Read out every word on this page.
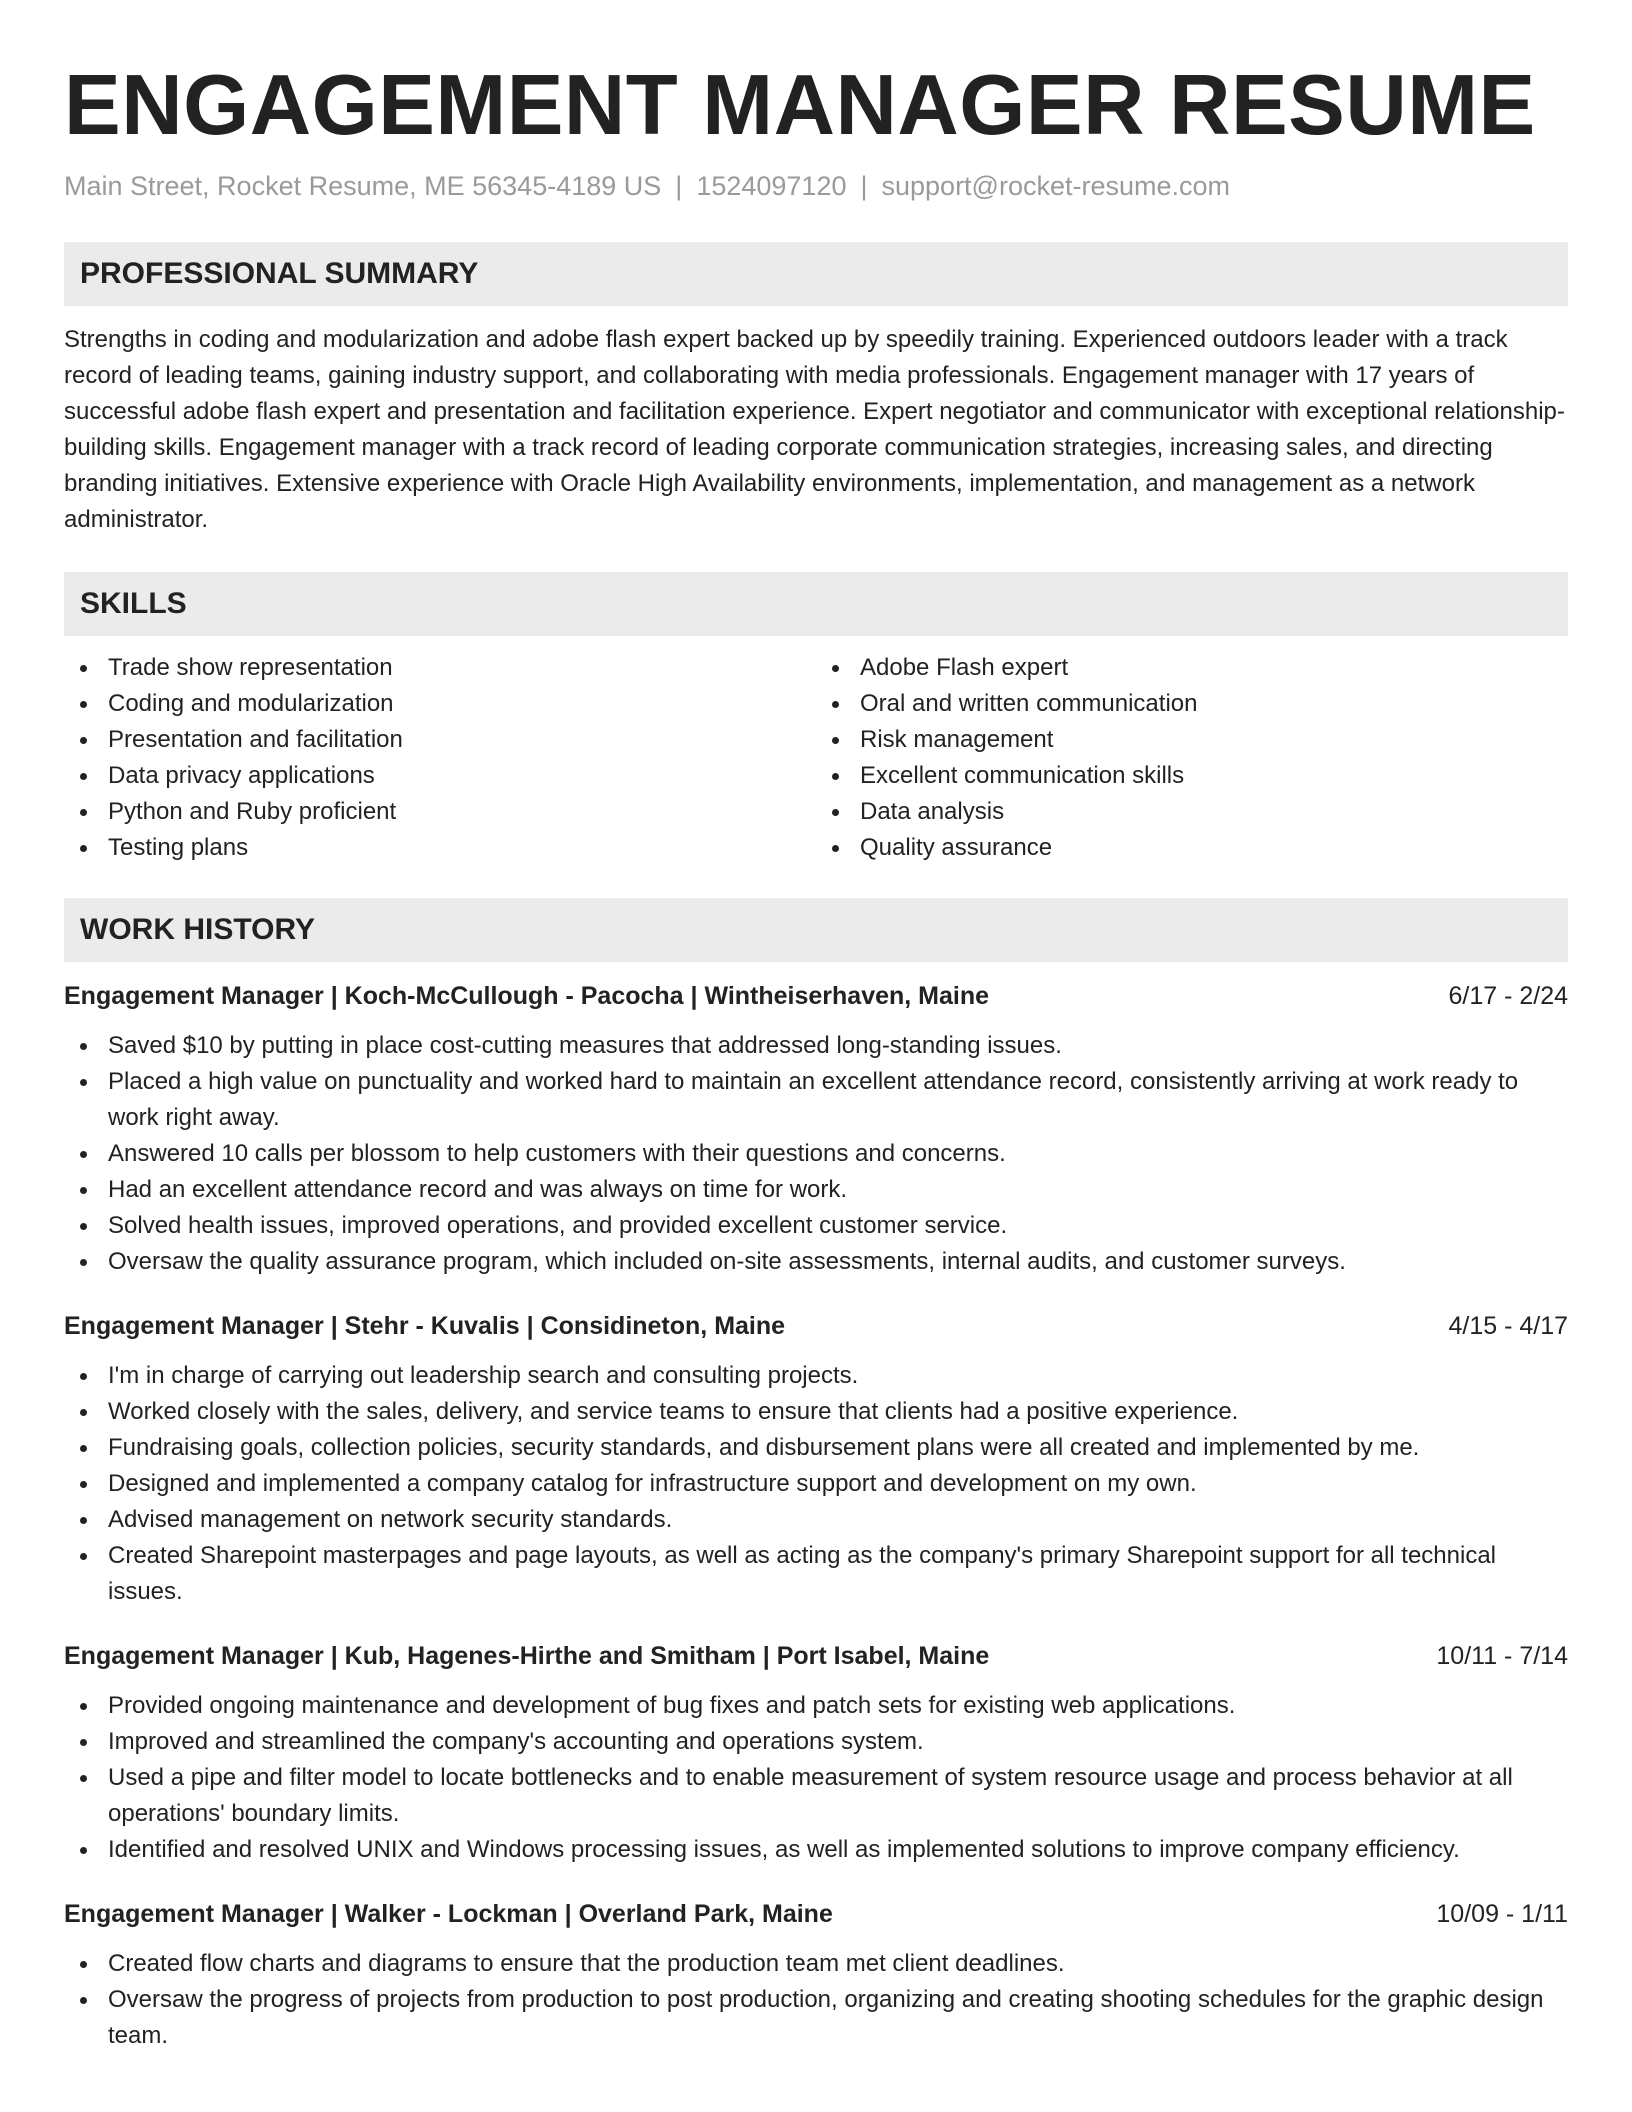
ENGAGEMENT MANAGER RESUME
Main Street, Rocket Resume, ME 56345-4189 US | 1524097120 | support@rocket-resume.com
PROFESSIONAL SUMMARY
Strengths in coding and modularization and adobe flash expert backed up by speedily training. Experienced outdoors leader with a track record of leading teams, gaining industry support, and collaborating with media professionals. Engagement manager with 17 years of successful adobe flash expert and presentation and facilitation experience. Expert negotiator and communicator with exceptional relationship-building skills. Engagement manager with a track record of leading corporate communication strategies, increasing sales, and directing branding initiatives. Extensive experience with Oracle High Availability environments, implementation, and management as a network administrator.
SKILLS
Trade show representation
Coding and modularization
Presentation and facilitation
Data privacy applications
Python and Ruby proficient
Testing plans
Adobe Flash expert
Oral and written communication
Risk management
Excellent communication skills
Data analysis
Quality assurance
WORK HISTORY
Engagement Manager | Koch-McCullough - Pacocha | Wintheiserhaven, Maine	6/17 - 2/24
Saved $10 by putting in place cost-cutting measures that addressed long-standing issues.
Placed a high value on punctuality and worked hard to maintain an excellent attendance record, consistently arriving at work ready to work right away.
Answered 10 calls per blossom to help customers with their questions and concerns.
Had an excellent attendance record and was always on time for work.
Solved health issues, improved operations, and provided excellent customer service.
Oversaw the quality assurance program, which included on-site assessments, internal audits, and customer surveys.
Engagement Manager | Stehr - Kuvalis | Considineton, Maine	4/15 - 4/17
I'm in charge of carrying out leadership search and consulting projects.
Worked closely with the sales, delivery, and service teams to ensure that clients had a positive experience.
Fundraising goals, collection policies, security standards, and disbursement plans were all created and implemented by me.
Designed and implemented a company catalog for infrastructure support and development on my own.
Advised management on network security standards.
Created Sharepoint masterpages and page layouts, as well as acting as the company's primary Sharepoint support for all technical issues.
Engagement Manager | Kub, Hagenes-Hirthe and Smitham | Port Isabel, Maine	10/11 - 7/14
Provided ongoing maintenance and development of bug fixes and patch sets for existing web applications.
Improved and streamlined the company's accounting and operations system.
Used a pipe and filter model to locate bottlenecks and to enable measurement of system resource usage and process behavior at all operations' boundary limits.
Identified and resolved UNIX and Windows processing issues, as well as implemented solutions to improve company efficiency.
Engagement Manager | Walker - Lockman | Overland Park, Maine	10/09 - 1/11
Created flow charts and diagrams to ensure that the production team met client deadlines.
Oversaw the progress of projects from production to post production, organizing and creating shooting schedules for the graphic design team.
